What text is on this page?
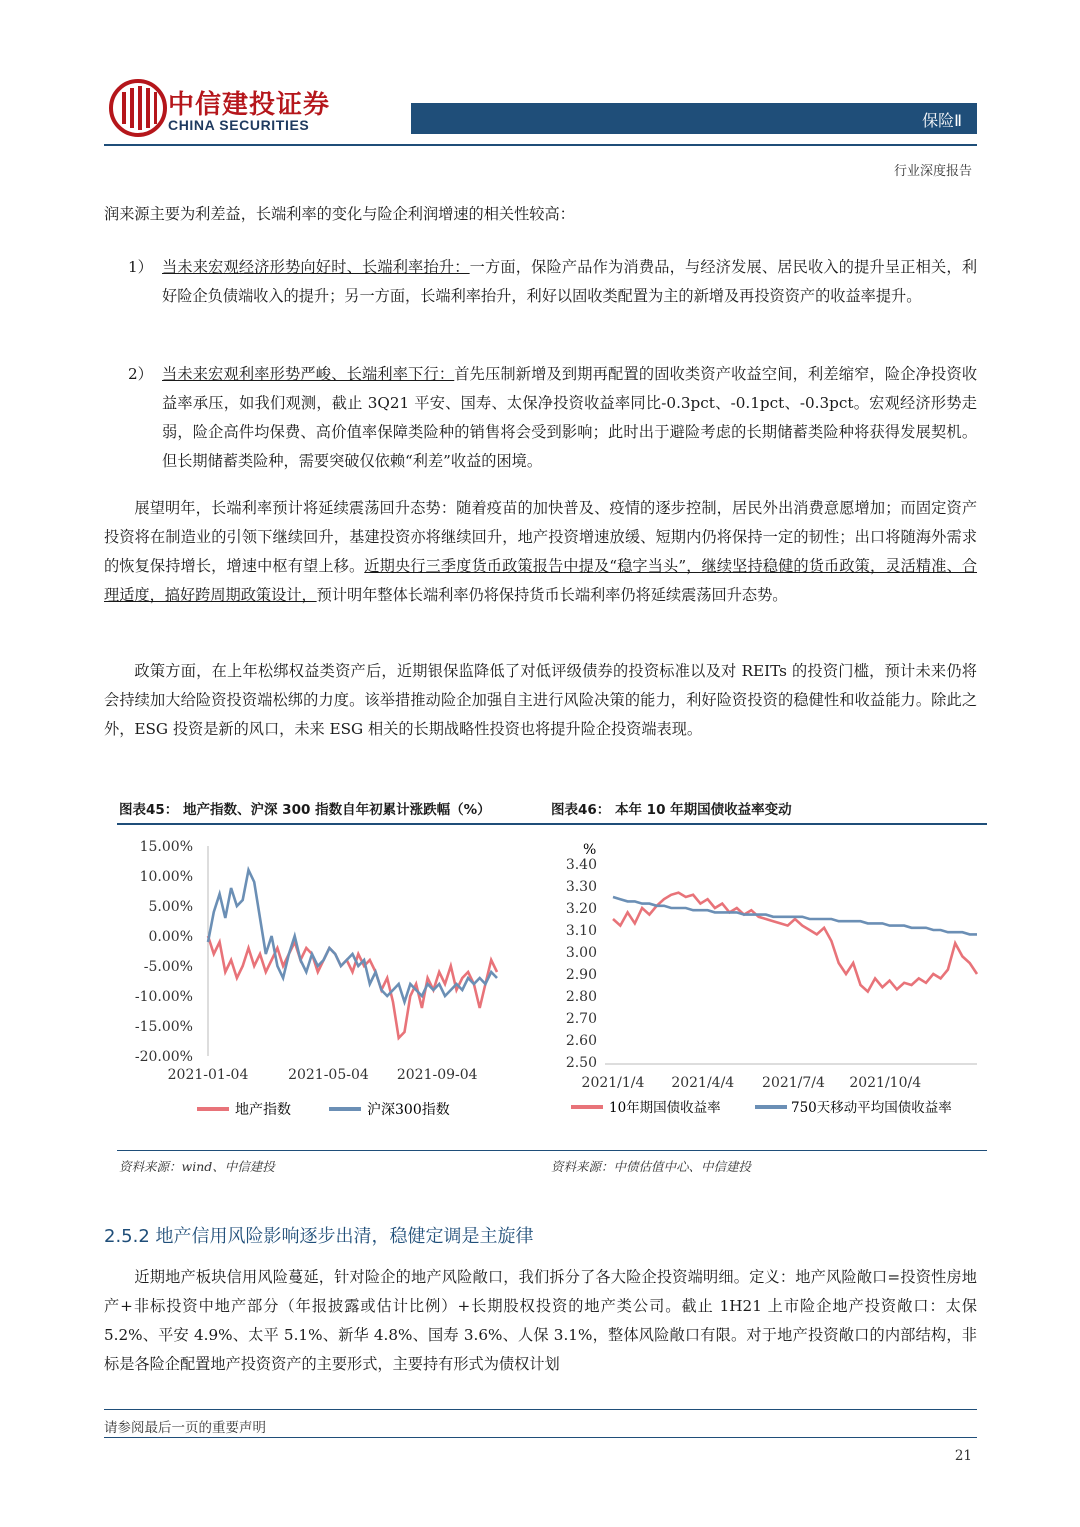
中信建投证券
CHINA SECURITIES	保险Ⅱ
行业深度报告
润来源主要为利差益，长端利率的变化与险企利润增速的相关性较高：
1） 当未来宏观经济形势向好时、长端利率抬升：一方面，保险产品作为消费品，与经济发展、居民收入的提升呈正相关，利好险企负债端收入的提升；另一方面，长端利率抬升，利好以固收类配置为主的新增及再投资资产的收益率提升。
2） 当未来宏观利率形势严峻、长端利率下行：首先压制新增及到期再配置的固收类资产收益空间，利差缩窄，险企净投资收益率承压，如我们观测，截止 3Q21 平安、国寿、太保净投资收益率同比-0.3pct、-0.1pct、-0.3pct。宏观经济形势走弱，险企高件均保费、高价值率保障类险种的销售将会受到影响；此时出于避险考虑的长期储蓄类险种将获得发展契机。但长期储蓄类险种，需要突破仅依赖“利差”收益的困境。
展望明年，长端利率预计将延续震荡回升态势：随着疫苗的加快普及、疫情的逐步控制，居民外出消费意愿增加；而固定资产投资将在制造业的引领下继续回升，基建投资亦将继续回升，地产投资增速放缓、短期内仍将保持一定的韧性；出口将随海外需求的恢复保持增长，增速中枢有望上移。近期央行三季度货币政策报告中提及“稳字当头”，继续坚持稳健的货币政策，灵活精准、合理适度，搞好跨周期政策设计，预计明年整体长端利率仍将保持货币长端利率仍将延续震荡回升态势。
政策方面，在上年松绑权益类资产后，近期银保监降低了对低评级债券的投资标准以及对 REITs 的投资门槛，预计未来仍将会持续加大给险资投资端松绑的力度。该举措推动险企加强自主进行风险决策的能力，利好险资投资的稳健性和收益能力。除此之外，ESG 投资是新的风口，未来 ESG 相关的长期战略性投资也将提升险企投资端表现。
图表45： 地产指数、沪深 300 指数自年初累计涨跌幅（%）	图表46： 本年 10 年期国债收益率变动
15.00%
10.00%
5.00%
0.00%
-5.00%
-10.00%
-15.00%
-20.00%
2021-01-04	2021-05-04 2021-09-04
地产指数	沪深300指数
%
3.40
3.30
3.20
3.10
3.00
2.90
2.80
2.70
2.60
2.50
2021/1/4 2021/4/4 2021/7/4 2021/10/4
10年期国债收益率	750天移动平均国债收益率
资料来源：wind、中信建投	资料来源：中债估值中心、中信建投
2.5.2 地产信用风险影响逐步出清，稳健定调是主旋律
近期地产板块信用风险蔓延，针对险企的地产风险敞口，我们拆分了各大险企投资端明细。定义：地产风险敞口=投资性房地产+非标投资中地产部分（年报披露或估计比例）+长期股权投资的地产类公司。截止 1H21 上市险企地产投资敞口：太保 5.2%、平安 4.9%、太平 5.1%、新华 4.8%、国寿 3.6%、人保 3.1%，整体风险敞口有限。对于地产投资敞口的内部结构，非标是各险企配置地产投资资产的主要形式，主要持有形式为债权计划
请参阅最后一页的重要声明
21
